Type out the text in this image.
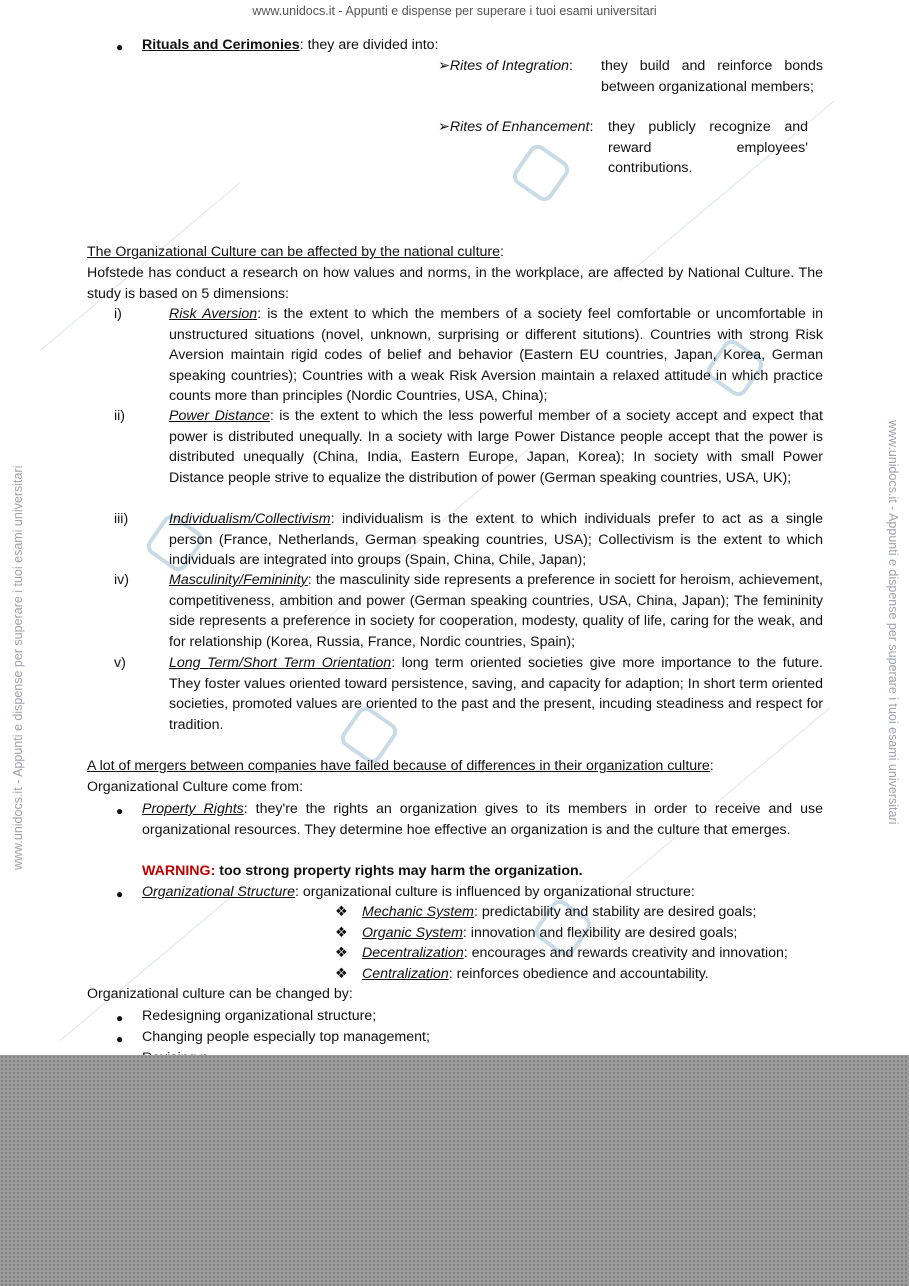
www.unidocs.it - Appunti e dispense per superare i tuoi esami universitari
www.unidocs.it - Appunti e dispense per superare i tuoi esami universitari	www.unidocs.it - Appunti e dispense per superare i tuoi esami universitari
● Rituals and Cerimonies: they are divided into:
➢Rites of Integration: they build and reinforce bonds between organizational members;
➢Rites of Enhancement: they publicly recognize and reward employees' contributions.
The Organizational Culture can be affected by the national culture:
Hofstede has conduct a research on how values and norms, in the workplace, are affected by National Culture. The study is based on 5 dimensions:
i)	Risk Aversion: is the extent to which the members of a society feel comfortable or uncomfortable in unstructured situations (novel, unknown, surprising or different situtions). Countries with strong Risk Aversion maintain rigid codes of belief and behavior (Eastern EU countries, Japan, Korea, German speaking countries); Countries with a weak Risk Aversion maintain a relaxed attitude in which practice counts more than principles (Nordic Countries, USA, China);
ii)	Power Distance: is the extent to which the less powerful member of a society accept and expect that power is distributed unequally. In a society with large Power Distance people accept that the power is distributed unequally (China, India, Eastern Europe, Japan, Korea); In society with small Power Distance people strive to equalize the distribution of power (German speaking countries, USA, UK);
iii)	Individualism/Collectivism: individualism is the extent to which individuals prefer to act as a single person (France, Netherlands, German speaking countries, USA); Collectivism is the extent to which individuals are integrated into groups (Spain, China, Chile, Japan);
iv)	Masculinity/Femininity: the masculinity side represents a preference in societt for heroism, achievement, competitiveness, ambition and power (German speaking countries, USA, China, Japan); The femininity side represents a preference in society for cooperation, modesty, quality of life, caring for the weak, and for relationship (Korea, Russia, France, Nordic countries, Spain);
v)	Long Term/Short Term Orientation: long term oriented societies give more importance to the future. They foster values oriented toward persistence, saving, and capacity for adaption; In short term oriented societies, promoted values are oriented to the past and the present, incuding steadiness and respect for tradition.
A lot of mergers between companies have failed because of differences in their organization culture:
Organizational Culture come from:
● Property Rights: they're the rights an organization gives to its members in order to receive and use organizational resources. They determine hoe effective an organization is and the culture that emerges.
WARNING: too strong property rights may harm the organization.
● Organizational Structure: organizational culture is influenced by organizational structure:
❖ Mechanic System: predictability and stability are desired goals;
❖ Organic System: innovation and flexibility are desired goals;
❖ Decentralization: encourages and rewards creativity and innovation;
❖ Centralization: reinforces obedience and accountability.
Organizational culture can be changed by:
● Redesigning organizational structure;
● Changing people especially top management;
